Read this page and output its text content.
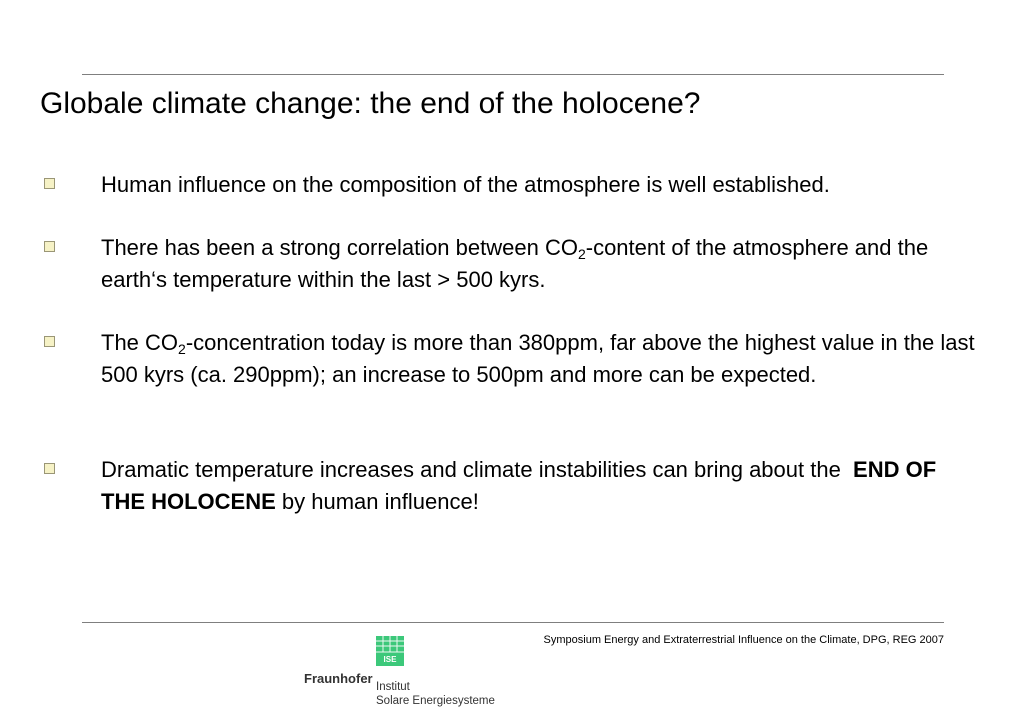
Globale climate change: the end of the holocene?
Human influence on the composition of the atmosphere is well established.
There has been a strong correlation between $CO_2$-content of the atmosphere and the earth‘s temperature within the last > 500 kyrs.
The $CO_2$-concentration today is more than 380ppm, far above the highest value in the last 500 kyrs (ca. 290ppm); an increase to 500pm and more can be expected.
Dramatic temperature increases and climate instabilities can bring about the  END OF THE HOLOCENE by human influence!
Symposium Energy and Extraterrestrial Influence on the Climate, DPG, REG 2007
ISE
Fraunhofer
Institut
Solare Energiesysteme
